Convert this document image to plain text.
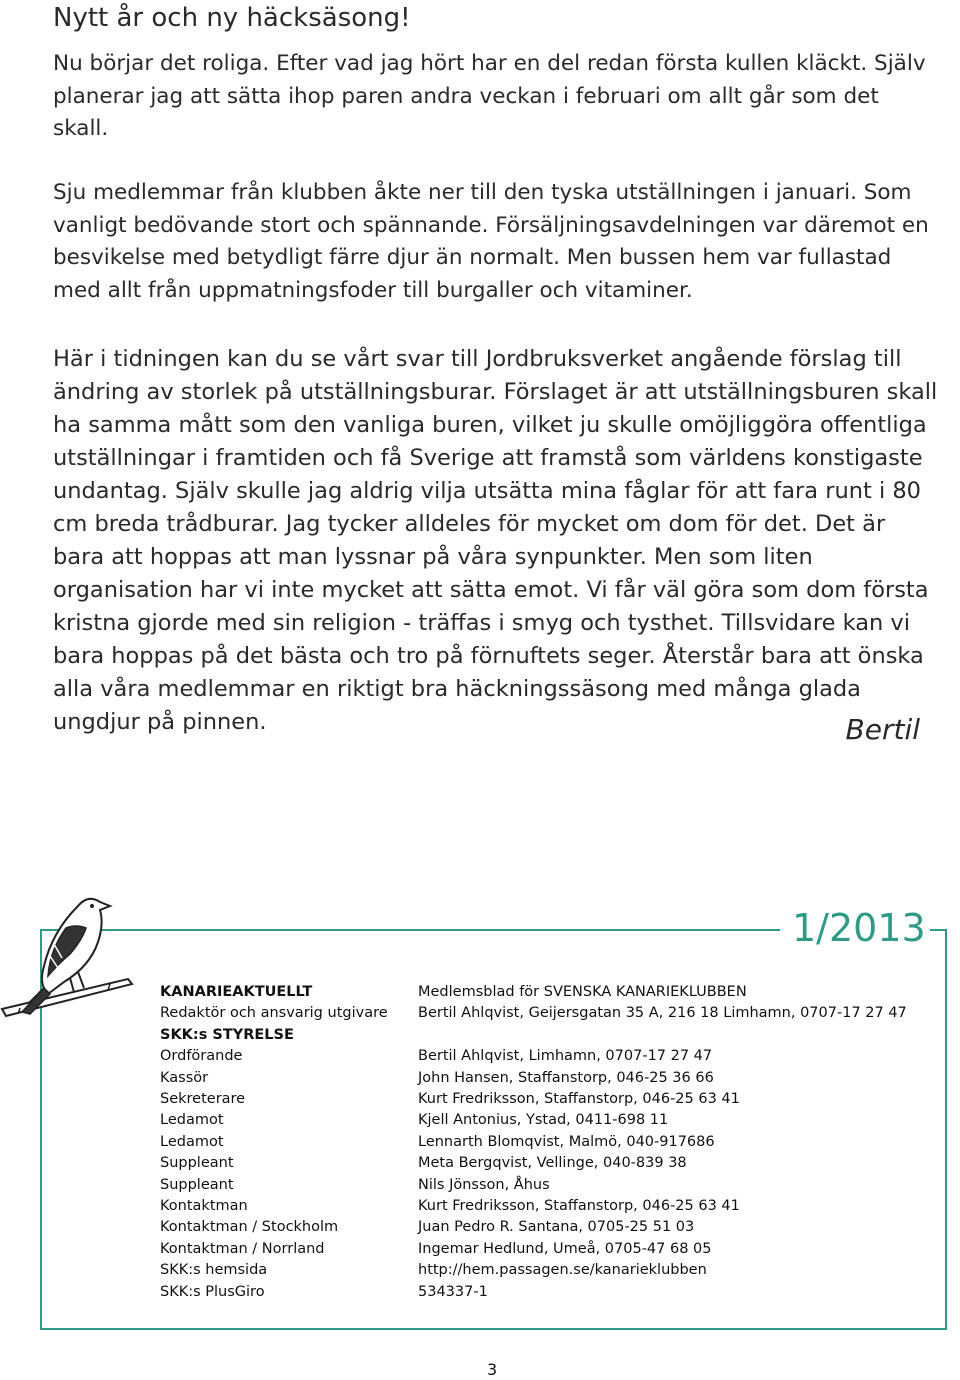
Nytt år och ny häcksäsong!

Nu börjar det roliga. Efter vad jag hört har en del redan första kullen kläckt. Själv planerar jag att sätta ihop paren andra veckan i februari om allt går som det skall.

Sju medlemmar från klubben åkte ner till den tyska utställningen i januari. Som vanligt bedövande stort och spännande. Försäljningsavdelningen var däremot en besvikelse med betydligt färre djur än normalt. Men bussen hem var fullastad med allt från uppmatningsfoder till burgaller och vitaminer.

Här i tidningen kan du se vårt svar till Jordbruksverket angående förslag till ändring av storlek på utställningsburar. Förslaget är att utställningsburen skall ha samma mått som den vanliga buren, vilket ju skulle omöjliggöra offentliga utställningar i framtiden och få Sverige att framstå som världens konstigaste undantag. Själv skulle jag aldrig vilja utsätta mina fåglar för att fara runt i 80 cm breda trådburar. Jag tycker alldeles för mycket om dom för det. Det är bara att hoppas att man lyssnar på våra synpunkter. Men som liten organisation har vi inte mycket att sätta emot. Vi får väl göra som dom första kristna gjorde med sin religion - träffas i smyg och tysthet. Tillsvidare kan vi bara hoppas på det bästa och tro på förnuftets seger. Återstår bara att önska alla våra medlemmar en riktigt bra häckningssäsong med många glada ungdjur på pinnen.	Bertil

1/2013

KANARIEAKTUELLT	Medlemsblad för SVENSKA KANARIEKLUBBEN
Redaktör och ansvarig utgivare	Bertil Ahlqvist, Geijersgatan 35 A, 216 18 Limhamn, 0707-17 27 47
SKK:s STYRELSE
Ordförande	Bertil Ahlqvist, Limhamn, 0707-17 27 47
Kassör	John Hansen, Staffanstorp, 046-25 36 66
Sekreterare	Kurt Fredriksson, Staffanstorp, 046-25 63 41
Ledamot	Kjell Antonius, Ystad, 0411-698 11
Ledamot	Lennarth Blomqvist, Malmö, 040-917686
Suppleant	Meta Bergqvist, Vellinge, 040-839 38
Suppleant	Nils Jönsson, Åhus
Kontaktman	Kurt Fredriksson, Staffanstorp, 046-25 63 41
Kontaktman / Stockholm	Juan Pedro R. Santana, 0705-25 51 03
Kontaktman / Norrland	Ingemar Hedlund, Umeå, 0705-47 68 05
SKK:s hemsida	http://hem.passagen.se/kanarieklubben
SKK:s PlusGiro	534337-1
3
